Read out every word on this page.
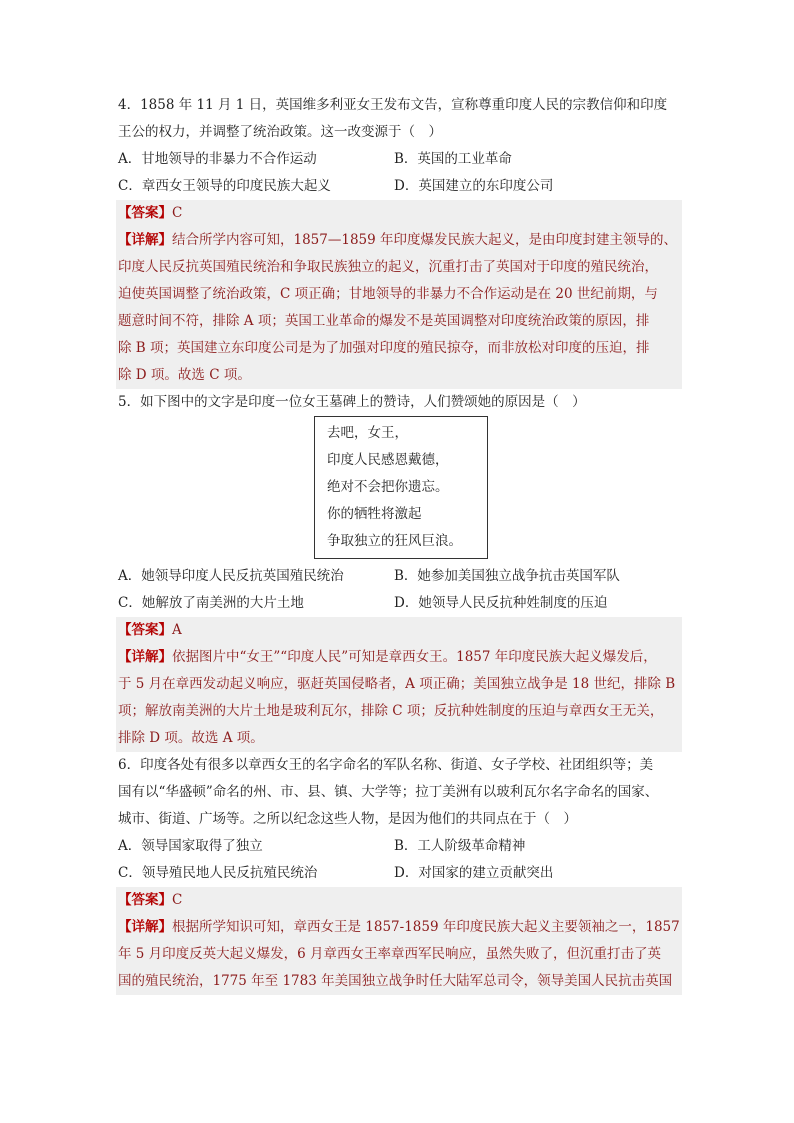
4．1858 年 11 月 1 日，英国维多利亚女王发布文告，宣称尊重印度人民的宗教信仰和印度
王公的权力，并调整了统治政策。这一改变源于（　）
A．甘地领导的非暴力不合作运动	B．英国的工业革命
C．章西女王领导的印度民族大起义	D．英国建立的东印度公司
【答案】C
【详解】结合所学内容可知，1857—1859 年印度爆发民族大起义，是由印度封建主领导的、
印度人民反抗英国殖民统治和争取民族独立的起义，沉重打击了英国对于印度的殖民统治，
迫使英国调整了统治政策，C 项正确；甘地领导的非暴力不合作运动是在 20 世纪前期，与
题意时间不符，排除 A 项；英国工业革命的爆发不是英国调整对印度统治政策的原因，排
除 B 项；英国建立东印度公司是为了加强对印度的殖民掠夺，而非放松对印度的压迫，排
除 D 项。故选 C 项。
5．如下图中的文字是印度一位女王墓碑上的赞诗，人们赞颂她的原因是（　）
去吧，女王，
印度人民感恩戴德，
绝对不会把你遗忘。
你的牺牲将激起
争取独立的狂风巨浪。
A．她领导印度人民反抗英国殖民统治	B．她参加美国独立战争抗击英国军队
C．她解放了南美洲的大片土地	D．她领导人民反抗种姓制度的压迫
【答案】A
【详解】依据图片中“女王”“印度人民”可知是章西女王。1857 年印度民族大起义爆发后，
于 5 月在章西发动起义响应，驱赶英国侵略者，A 项正确；美国独立战争是 18 世纪，排除 B
项；解放南美洲的大片土地是玻利瓦尔，排除 C 项；反抗种姓制度的压迫与章西女王无关，
排除 D 项。故选 A 项。
6．印度各处有很多以章西女王的名字命名的军队名称、街道、女子学校、社团组织等；美
国有以“华盛顿”命名的州、市、县、镇、大学等；拉丁美洲有以玻利瓦尔名字命名的国家、
城市、街道、广场等。之所以纪念这些人物，是因为他们的共同点在于（　）
A．领导国家取得了独立	B．工人阶级革命精神
C．领导殖民地人民反抗殖民统治	D．对国家的建立贡献突出
【答案】C
【详解】根据所学知识可知，章西女王是 1857-1859 年印度民族大起义主要领袖之一，1857
年 5 月印度反英大起义爆发，6 月章西女王率章西军民响应，虽然失败了，但沉重打击了英
国的殖民统治，1775 年至 1783 年美国独立战争时任大陆军总司令，领导美国人民抗击英国
